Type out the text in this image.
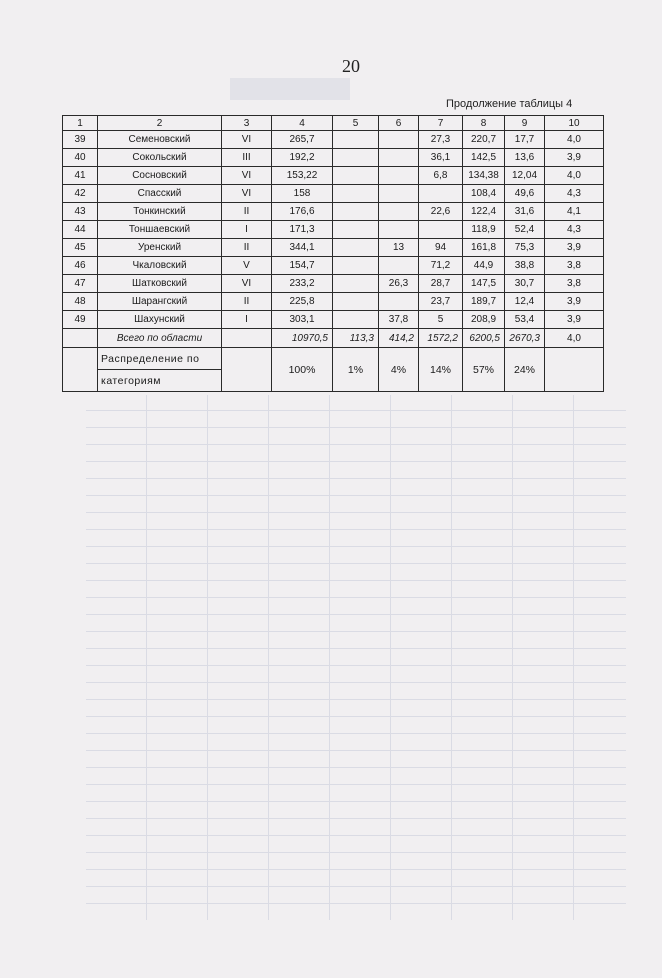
20
Продолжение таблицы 4
1	2	3	4	5	6	7	8	9	10
39	Семеновский	VI	265,7			27,3	220,7	17,7	4,0
40	Сокольский	III	192,2			36,1	142,5	13,6	3,9
41	Сосновский	VI	153,22			6,8	134,38	12,04	4,0
42	Спасский	VI	158				108,4	49,6	4,3
43	Тонкинский	II	176,6			22,6	122,4	31,6	4,1
44	Тоншаевский	I	171,3				118,9	52,4	4,3
45	Уренский	II	344,1		13	94	161,8	75,3	3,9
46	Чкаловский	V	154,7			71,2	44,9	38,8	3,8
47	Шатковский	VI	233,2		26,3	28,7	147,5	30,7	3,8
48	Шарангский	II	225,8			23,7	189,7	12,4	3,9
49	Шахунский	I	303,1		37,8	5	208,9	53,4	3,9
	Всего по области		10970,5	113,3	414,2	1572,2	6200,5	2670,3	4,0
	Распределение по		100%	1%	4%	14%	57%	24%	
	категориям								
